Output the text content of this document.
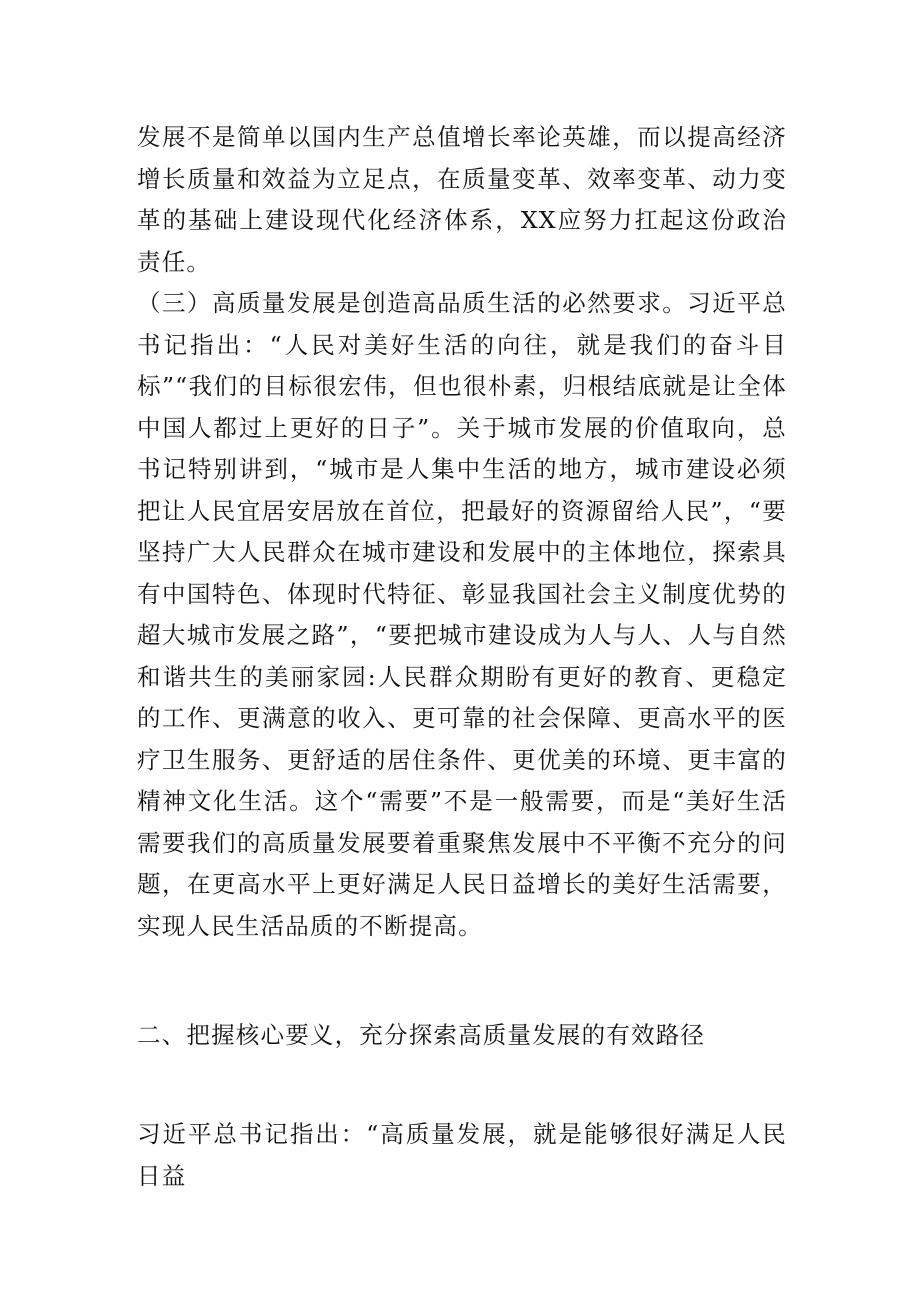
发展不是简单以国内生产总值增长率论英雄，而以提高经济增长质量和效益为立足点，在质量变革、效率变革、动力变革的基础上建设现代化经济体系，XX应努力扛起这份政治责任。

（三）高质量发展是创造高品质生活的必然要求。习近平总书记指出：“人民对美好生活的向往，就是我们的奋斗目标”“我们的目标很宏伟，但也很朴素，归根结底就是让全体中国人都过上更好的日子”。关于城市发展的价值取向，总书记特别讲到，“城市是人集中生活的地方，城市建设必须把让人民宜居安居放在首位，把最好的资源留给人民”，“要坚持广大人民群众在城市建设和发展中的主体地位，探索具有中国特色、体现时代特征、彰显我国社会主义制度优势的超大城市发展之路”，“要把城市建设成为人与人、人与自然和谐共生的美丽家园:人民群众期盼有更好的教育、更稳定的工作、更满意的收入、更可靠的社会保障、更高水平的医疗卫生服务、更舒适的居住条件、更优美的环境、更丰富的精神文化生活。这个“需要”不是一般需要，而是“美好生活需要我们的高质量发展要着重聚焦发展中不平衡不充分的问题，在更高水平上更好满足人民日益增长的美好生活需要，实现人民生活品质的不断提高。

二、把握核心要义，充分探索高质量发展的有效路径

习近平总书记指出：“高质量发展，就是能够很好满足人民日益
